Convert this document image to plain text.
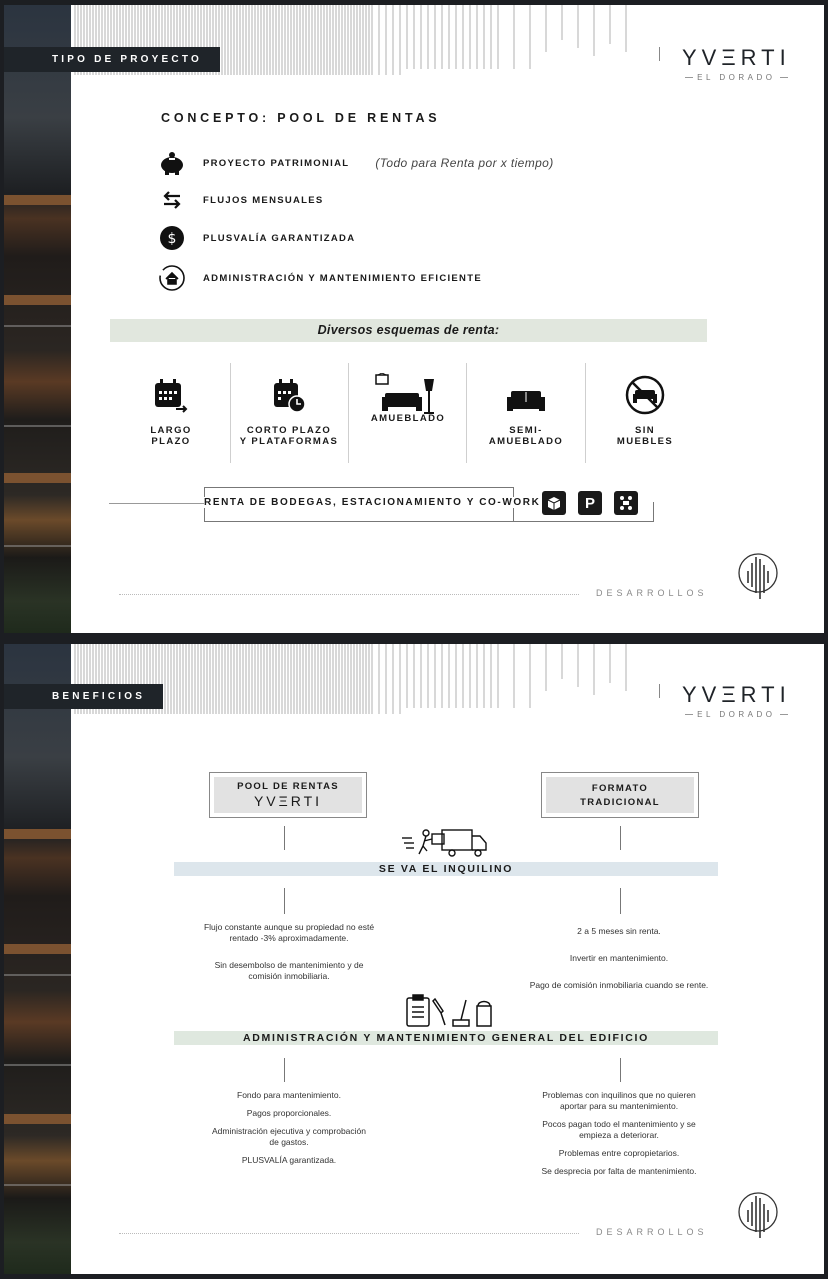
TIPO DE PROYECTO	YVΞRTI
EL DORADO
CONCEPTO: POOL DE RENTAS
PROYECTO PATRIMONIAL (Todo para Renta por x tiempo)
FLUJOS MENSUALES
$	PLUSVALÍA GARANTIZADA
ADMINISTRACIÓN Y MANTENIMIENTO EFICIENTE
Diversos esquemas de renta:
LARGO
PLAZO
CORTO PLAZO
Y PLATAFORMAS
AMUEBLADO
SEMI-
AMUEBLADO
SIN
MUEBLES
RENTA DE BODEGAS, ESTACIONAMIENTO Y CO-WORK	P
DESARROLLOS
BENEFICIOS	YVΞRTI
EL DORADO
POOL DE RENTAS
YVΞRTI
FORMATO
TRADICIONAL
SE VA EL INQUILINO

Flujo constante aunque su propiedad no esté rentado -3% aproximadamente.

Sin desembolso de mantenimiento y de comisión inmobiliaria.

2 a 5 meses sin renta.

Invertir en mantenimiento.

Pago de comisión inmobiliaria cuando se rente.

ADMINISTRACIÓN Y MANTENIMIENTO GENERAL DEL EDIFICIO

Fondo para mantenimiento.

Pagos proporcionales.

Administración ejecutiva y comprobación de gastos.

PLUSVALÍA garantizada.

Problemas con inquilinos que no quieren aportar para su mantenimiento.

Pocos pagan todo el mantenimiento y se empieza a deteriorar.

Problemas entre copropietarios.

Se desprecia por falta de mantenimiento.

DESARROLLOS
